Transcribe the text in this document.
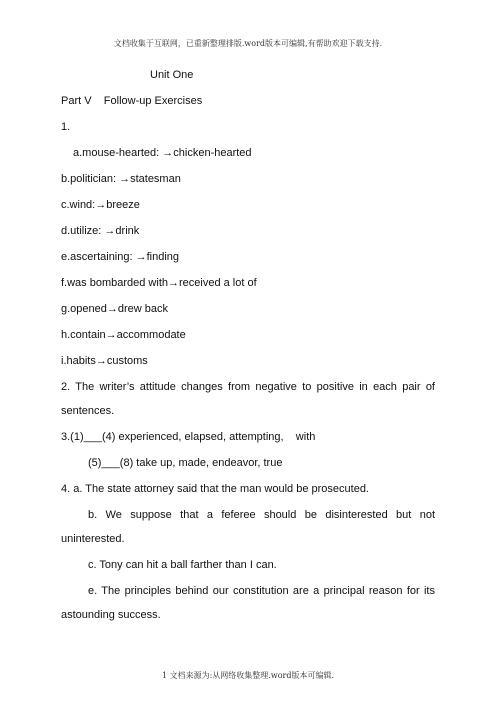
文档收集于互联网，已重新整理排版.word版本可编辑,有帮助欢迎下载支持.
Unit One
Part V    Follow-up Exercises
1.
a.mouse-hearted: →chicken-hearted
b.politician: →statesman
c.wind:→breeze
d.utilize: →drink
e.ascertaining: →finding
f.was bombarded with→received a lot of
g.opened→drew back
h.contain→accommodate
i.habits→customs
2. The writer’s attitude changes from negative to positive in each pair of
sentences.
3.(1)___(4) experienced, elapsed, attempting,    with
(5)___(8) take up, made, endeavor, true
4. a. The state attorney said that the man would be prosecuted.
b.  We  suppose  that  a  feferee  should  be  disinterested  but  not
uninterested.
c. Tony can hit a ball farther than I can.
e. The principles behind our constitution are a principal reason for its
astounding success.
1 文档来源为:从网络收集整理.word版本可编辑.
